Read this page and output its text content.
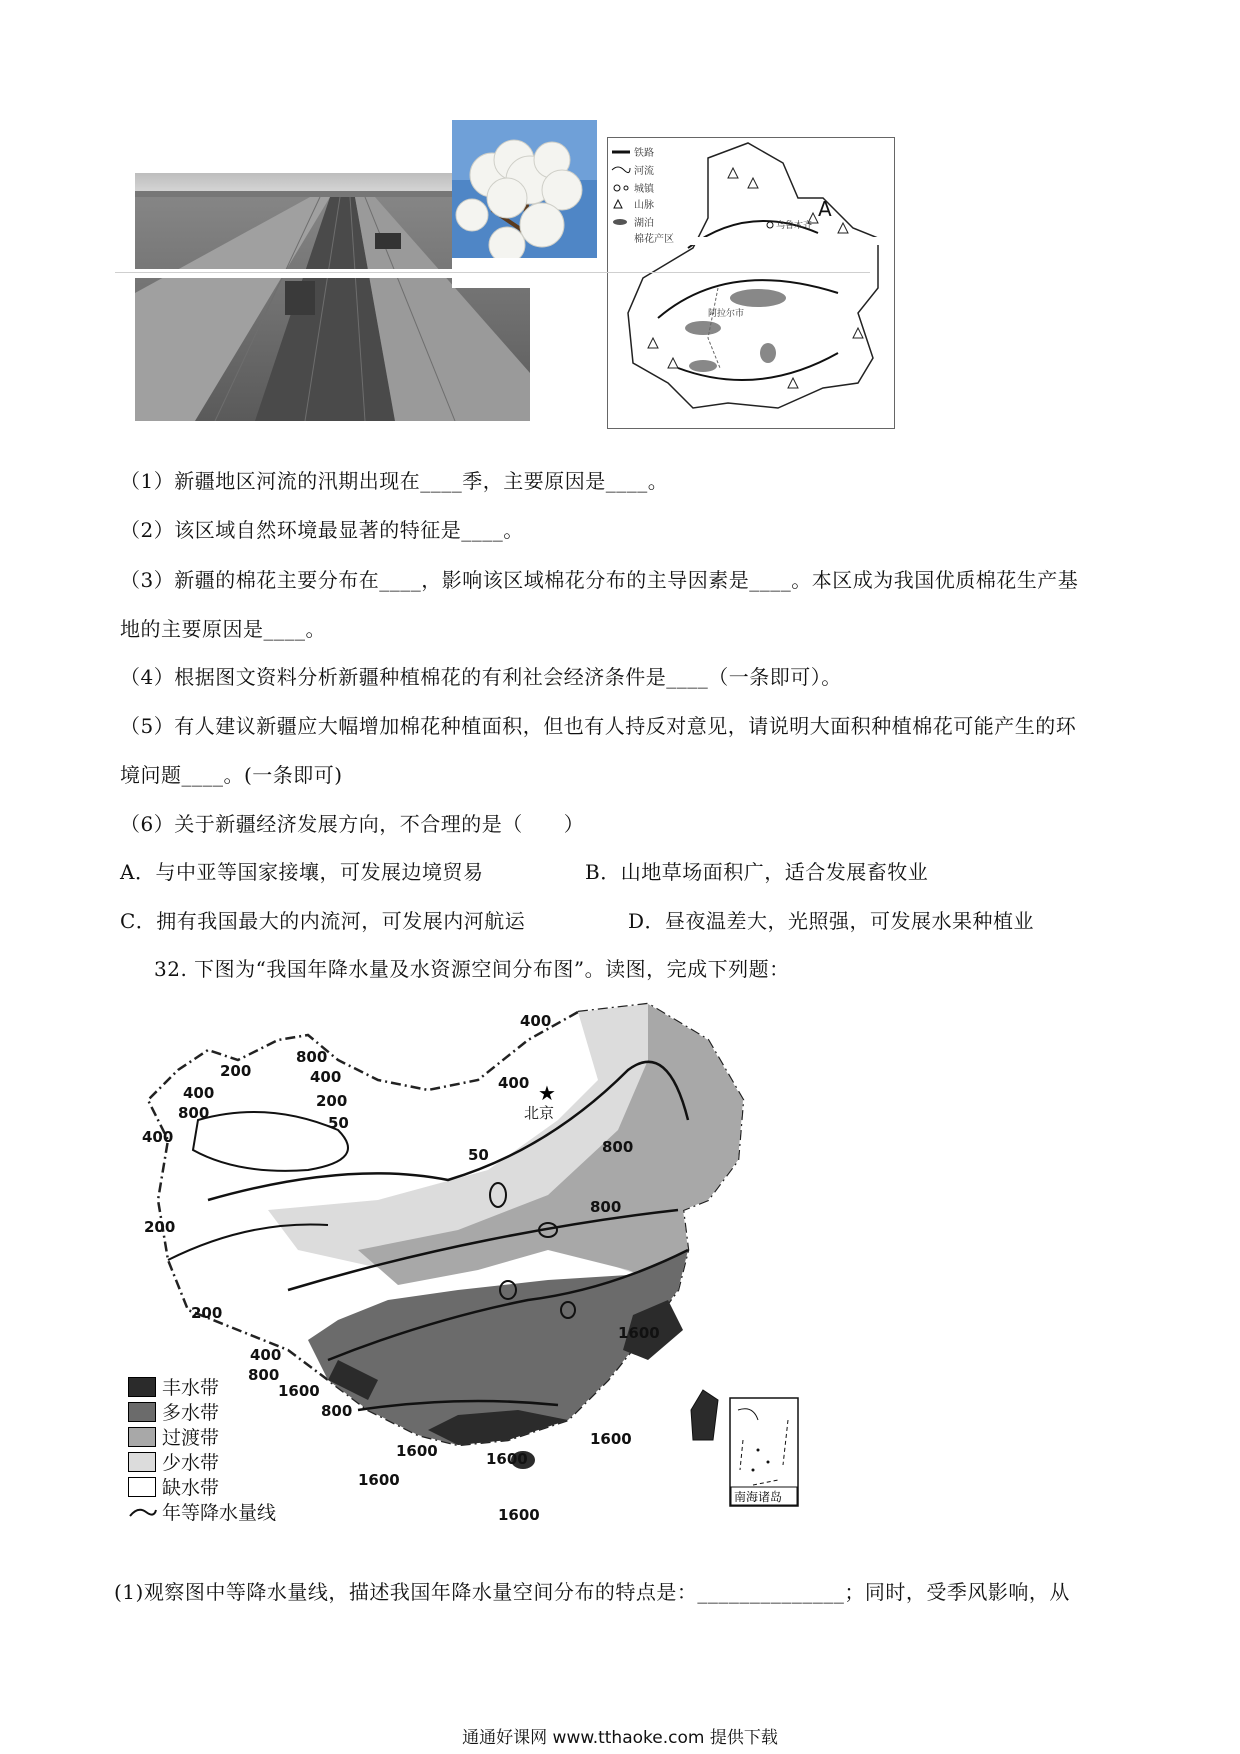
铁路
河流
城镇
山脉
湖泊
棉花产区
乌鲁木齐
阿拉尔市
A
（1）新疆地区河流的汛期出现在____季，主要原因是____。
（2）该区域自然环境最显著的特征是____。
（3）新疆的棉花主要分布在____，影响该区域棉花分布的主导因素是____。本区成为我国优质棉花生产基
地的主要原因是____。
（4）根据图文资料分析新疆种植棉花的有利社会经济条件是____（一条即可）。
（5）有人建议新疆应大幅增加棉花种植面积，但也有人持反对意见，请说明大面积种植棉花可能产生的环
境问题____。(一条即可)
（6）关于新疆经济发展方向，不合理的是（　　）
A．与中亚等国家接壤，可发展边境贸易	B．山地草场面积广，适合发展畜牧业
C．拥有我国最大的内流河，可发展内河航运	D．昼夜温差大，光照强，可发展水果种植业
32. 下图为“我国年降水量及水资源空间分布图”。读图，完成下列题：
★
北京
400
800
400
200
400	200
800
50
400
400
50
200
800
800
200
400
800
1600
800
1600
1600
1600	1600
1600
1600
南海诸岛
丰水带
多水带
过渡带
少水带
缺水带
年等降水量线
(1)观察图中等降水量线，描述我国年降水量空间分布的特点是：______________；同时，受季风影响，从
通通好课网 www.tthaoke.com 提供下载
